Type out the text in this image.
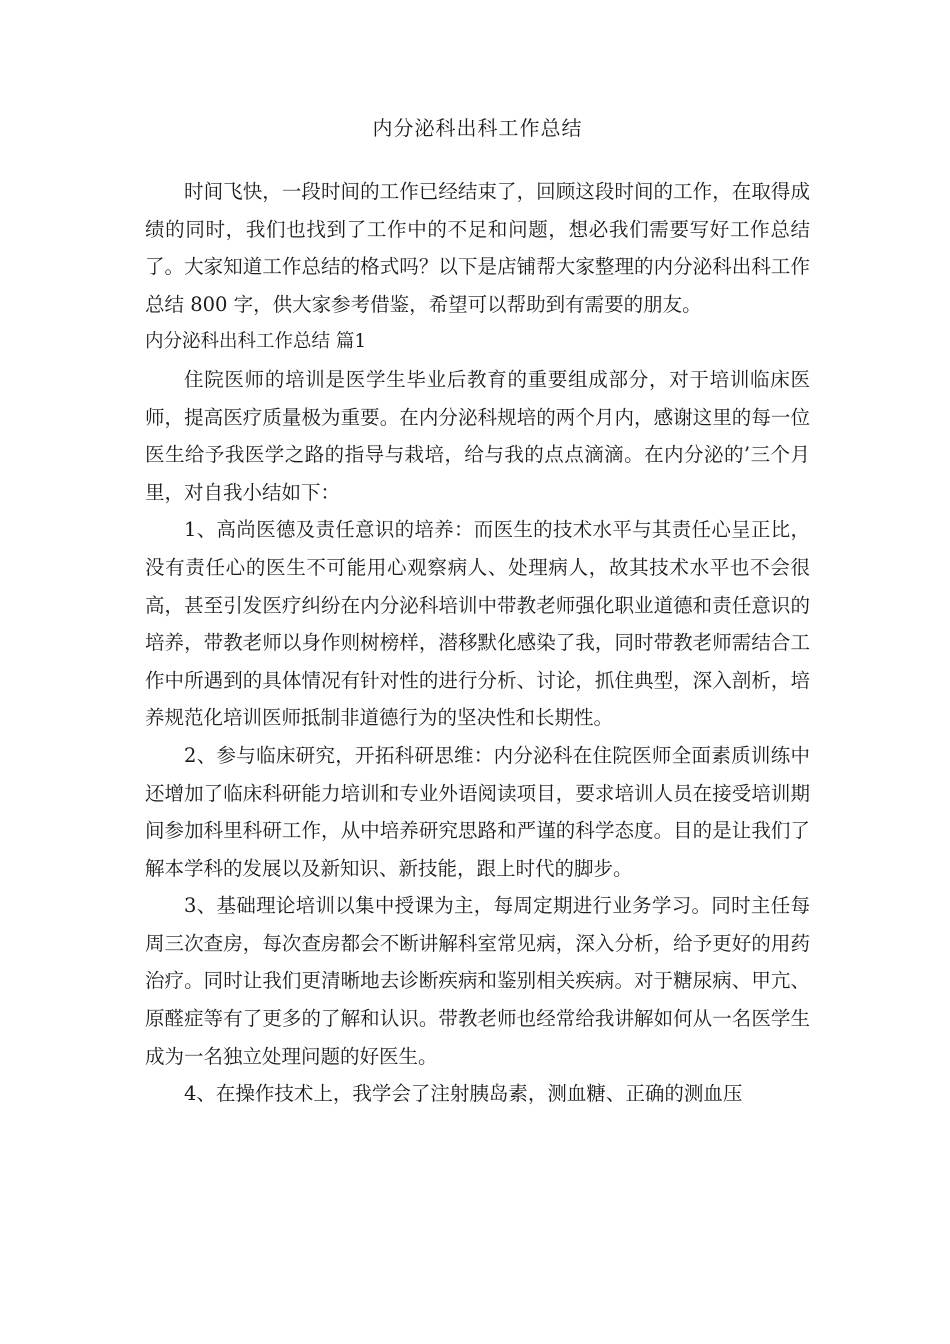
内分泌科出科工作总结

时间飞快，一段时间的工作已经结束了，回顾这段时间的工作，在取得成绩的同时，我们也找到了工作中的不足和问题，想必我们需要写好工作总结了。大家知道工作总结的格式吗？以下是店铺帮大家整理的内分泌科出科工作总结 800 字，供大家参考借鉴，希望可以帮助到有需要的朋友。

内分泌科出科工作总结 篇1

住院医师的培训是医学生毕业后教育的重要组成部分，对于培训临床医师，提高医疗质量极为重要。在内分泌科规培的两个月内，感谢这里的每一位医生给予我医学之路的指导与栽培，给与我的点点滴滴。在内分泌的’三个月里，对自我小结如下：

1、高尚医德及责任意识的培养：而医生的技术水平与其责任心呈正比，没有责任心的医生不可能用心观察病人、处理病人，故其技术水平也不会很高，甚至引发医疗纠纷在内分泌科培训中带教老师强化职业道德和责任意识的培养，带教老师以身作则树榜样，潜移默化感染了我，同时带教老师需结合工作中所遇到的具体情况有针对性的进行分析、讨论，抓住典型，深入剖析，培养规范化培训医师抵制非道德行为的坚决性和长期性。

2、参与临床研究，开拓科研思维：内分泌科在住院医师全面素质训练中还增加了临床科研能力培训和专业外语阅读项目，要求培训人员在接受培训期间参加科里科研工作，从中培养研究思路和严谨的科学态度。目的是让我们了解本学科的发展以及新知识、新技能，跟上时代的脚步。

3、基础理论培训以集中授课为主，每周定期进行业务学习。同时主任每周三次查房，每次查房都会不断讲解科室常见病，深入分析，给予更好的用药治疗。同时让我们更清晰地去诊断疾病和鉴别相关疾病。对于糖尿病、甲亢、原醛症等有了更多的了解和认识。带教老师也经常给我讲解如何从一名医学生成为一名独立处理问题的好医生。

4、在操作技术上，我学会了注射胰岛素，测血糖、正确的测血压
